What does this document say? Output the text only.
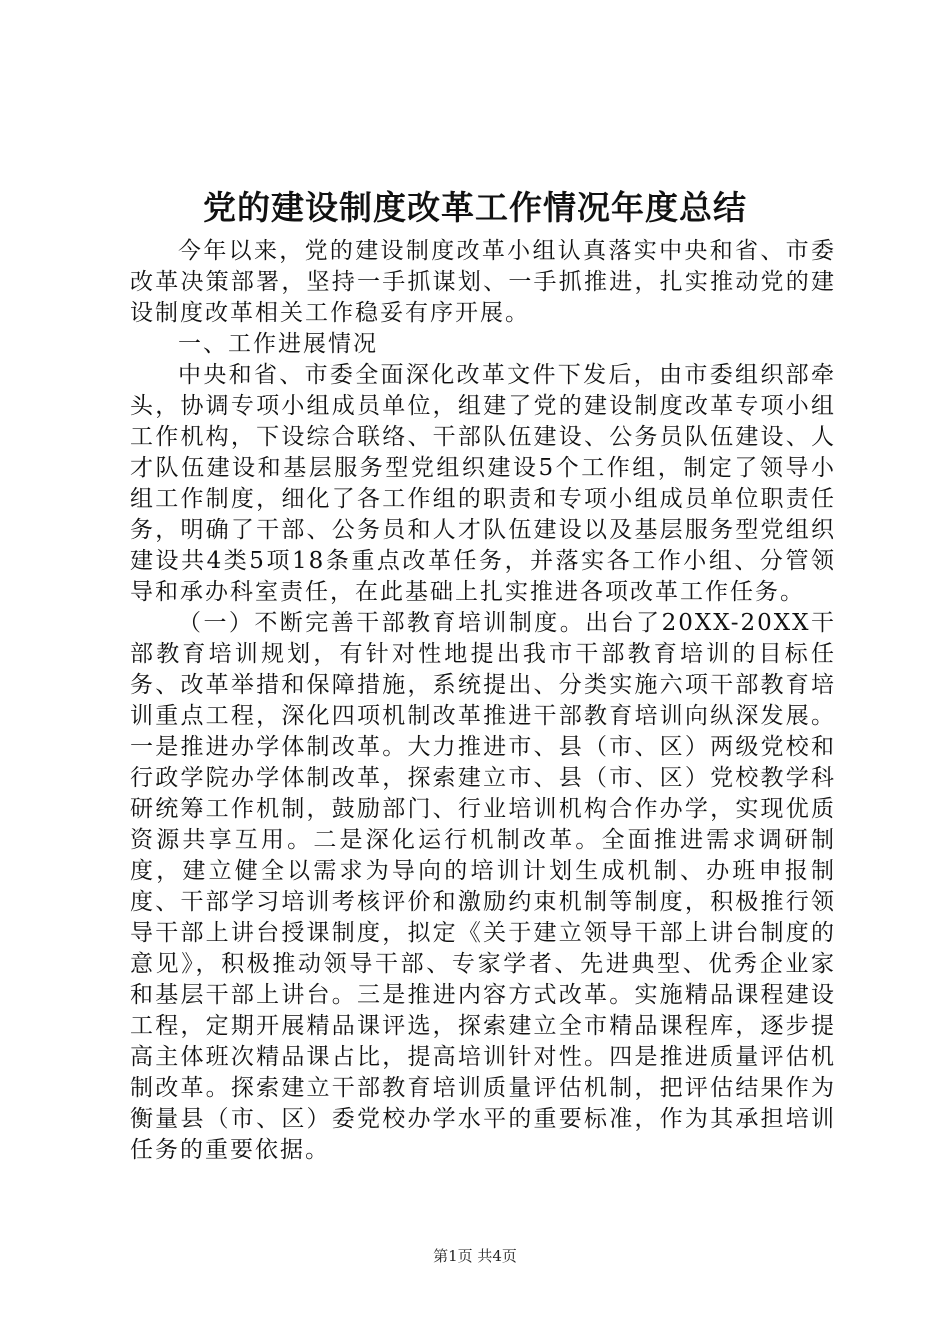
党的建设制度改革工作情况年度总结

今年以来，党的建设制度改革小组认真落实中央和省、市委改革决策部署，坚持一手抓谋划、一手抓推进，扎实推动党的建设制度改革相关工作稳妥有序开展。

一、工作进展情况

中央和省、市委全面深化改革文件下发后，由市委组织部牵头，协调专项小组成员单位，组建了党的建设制度改革专项小组工作机构，下设综合联络、干部队伍建设、公务员队伍建设、人才队伍建设和基层服务型党组织建设5个工作组，制定了领导小组工作制度，细化了各工作组的职责和专项小组成员单位职责任务，明确了干部、公务员和人才队伍建设以及基层服务型党组织建设共4类5项18条重点改革任务，并落实各工作小组、分管领导和承办科室责任，在此基础上扎实推进各项改革工作任务。

（一）不断完善干部教育培训制度。出台了20XX-20XX干部教育培训规划，有针对性地提出我市干部教育培训的目标任务、改革举措和保障措施，系统提出、分类实施六项干部教育培训重点工程，深化四项机制改革推进干部教育培训向纵深发展。一是推进办学体制改革。大力推进市、县（市、区）两级党校和行政学院办学体制改革，探索建立市、县（市、区）党校教学科研统筹工作机制，鼓励部门、行业培训机构合作办学，实现优质资源共享互用。二是深化运行机制改革。全面推进需求调研制度，建立健全以需求为导向的培训计划生成机制、办班申报制度、干部学习培训考核评价和激励约束机制等制度，积极推行领导干部上讲台授课制度，拟定《关于建立领导干部上讲台制度的意见》，积极推动领导干部、专家学者、先进典型、优秀企业家和基层干部上讲台。三是推进内容方式改革。实施精品课程建设工程，定期开展精品课评选，探索建立全市精品课程库，逐步提高主体班次精品课占比，提高培训针对性。四是推进质量评估机制改革。探索建立干部教育培训质量评估机制，把评估结果作为衡量县（市、区）委党校办学水平的重要标准，作为其承担培训任务的重要依据。

第1页 共4页
